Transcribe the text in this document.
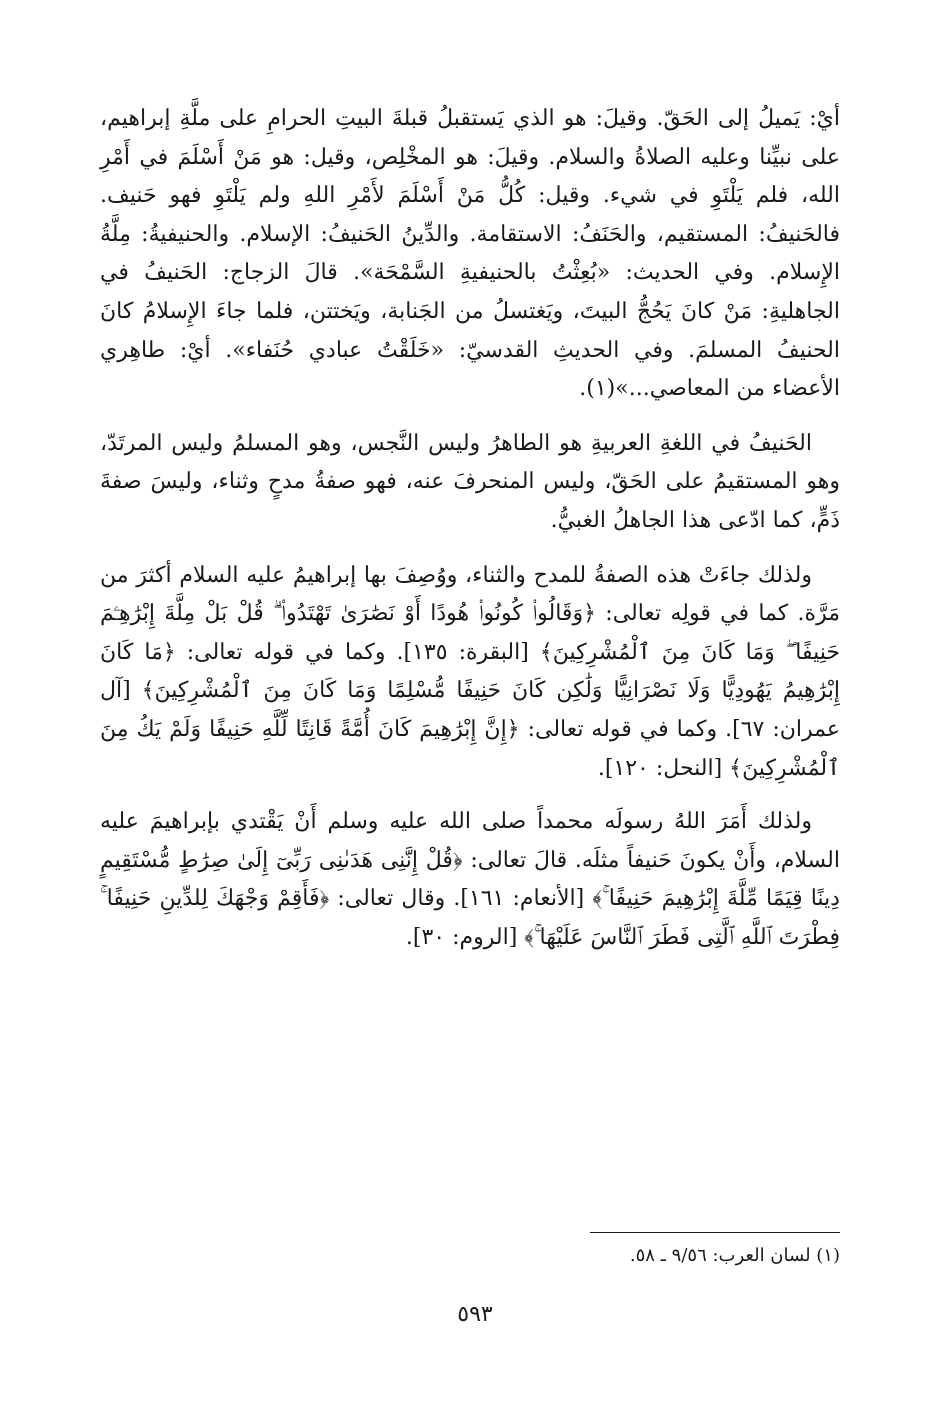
أيْ: يَميلُ إلى الحَقّ. وقيلَ: هو الذي يَستقبلُ قبلةَ البيتِ الحرامِ على ملَّةِ إبراهيم، على نبيِّنا وعليه الصلاةُ والسلام. وقيلَ: هو المخْلِص، وقيل: هو مَنْ أَسْلَمَ في أَمْرِ الله، فلم يَلْتَوِ في شيء. وقيل: كُلُّ مَنْ أَسْلَمَ لأَمْرِ اللهِ ولم يَلْتَوِ فهو حَنيف. فالحَنيفُ: المستقيم، والحَنَفُ: الاستقامة. والدِّينُ الحَنيفُ: الإسلام. والحنيفيةُ: مِلَّةُ الإِسلام. وفي الحديث: «بُعِثْتُ بالحنيفيةِ السَّمْحَة». قالَ الزجاج: الحَنيفُ في الجاهليةِ: مَنْ كانَ يَحُجُّ البيتَ، ويَغتسلُ من الجَنابة، ويَختتن، فلما جاءَ الإِسلامُ كانَ الحنيفُ المسلمَ. وفي الحديثِ القدسيّ: «خَلَقْتُ عبادي حُنَفاء». أيْ: طاهِري الأعضاء من المعاصي...»(١).

الحَنيفُ في اللغةِ العربيةِ هو الطاهرُ وليس النَّجس، وهو المسلمُ وليس المرتَدّ، وهو المستقيمُ على الحَقّ، وليس المنحرفَ عنه، فهو صفةُ مدحٍ وثناء، وليسَ صفةَ ذَمٍّ، كما ادّعى هذا الجاهلُ الغبيُّ.

ولذلك جاءَتْ هذه الصفةُ للمدح والثناء، ووُصِفَ بها إبراهيمُ عليه السلام أكثرَ من مَرَّة. كما في قولِه تعالى: ﴿وَقَالُوا۟ كُونُوا۟ هُودًا أَوْ نَصَٰرَىٰ تَهْتَدُوا۟ ۗ قُلْ بَلْ مِلَّةَ إِبْرَٰهِـۧمَ حَنِيفًا ۖ وَمَا كَانَ مِنَ ٱلْمُشْرِكِينَ﴾ [البقرة: ١٣٥]. وكما في قوله تعالى: ﴿مَا كَانَ إِبْرَٰهِيمُ يَهُودِيًّا وَلَا نَصْرَانِيًّا وَلَٰكِن كَانَ حَنِيفًا مُّسْلِمًا وَمَا كَانَ مِنَ ٱلْمُشْرِكِينَ﴾ [آل عمران: ٦٧]. وكما في قوله تعالى: ﴿إِنَّ إِبْرَٰهِيمَ كَانَ أُمَّةً قَانِتًا لِّلَّهِ حَنِيفًا وَلَمْ يَكُ مِنَ ٱلْمُشْرِكِينَ﴾ [النحل: ١٢٠].

ولذلك أَمَرَ اللهُ رسولَه محمداً صلى الله عليه وسلم أَنْ يَقْتدي بإبراهيمَ عليه السلام، وأَنْ يكونَ حَنيفاً مثلَه. قالَ تعالى: ﴿قُلْ إِنَّنِى هَدَىٰنِى رَبِّىٓ إِلَىٰ صِرَٰطٍ مُّسْتَقِيمٍ دِينًا قِيَمًا مِّلَّةَ إِبْرَٰهِيمَ حَنِيفًا ۚ﴾ [الأنعام: ١٦١]. وقال تعالى: ﴿فَأَقِمْ وَجْهَكَ لِلدِّينِ حَنِيفًا ۚ فِطْرَتَ ٱللَّهِ ٱلَّتِى فَطَرَ ٱلنَّاسَ عَلَيْهَا ۚ﴾ [الروم: ٣٠].

(١) لسان العرب: ٩/٥٦ ـ ٥٨.
٥٩٣
